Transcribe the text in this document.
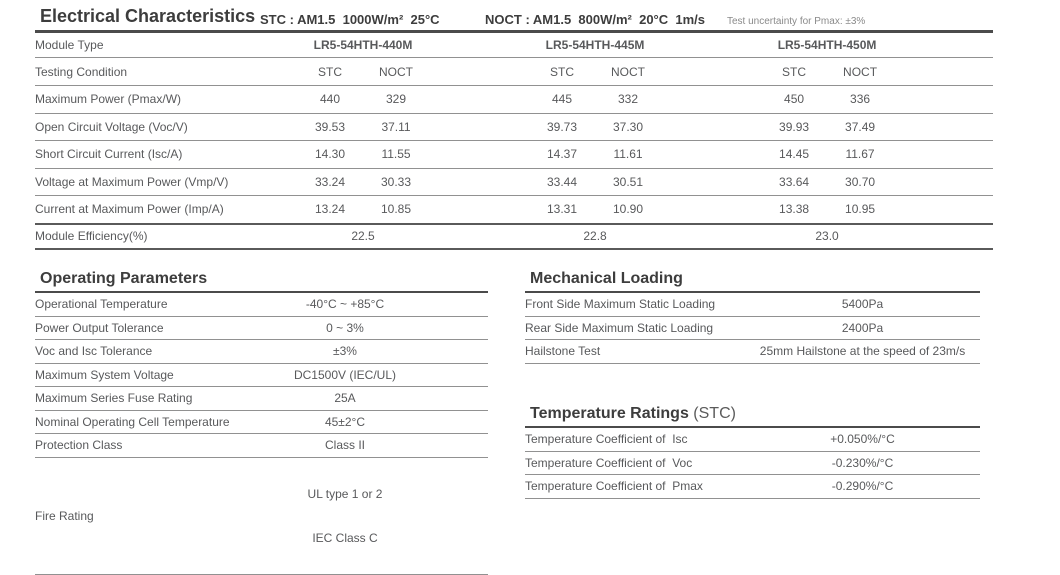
Electrical Characteristics STC : AM1.5  1000W/m²  25°C	NOCT : AM1.5  800W/m²  20°C  1m/s Test uncertainty for Pmax: ±3%
Module Type	LR5-54HTH-440M			LR5-54HTH-445M			LR5-54HTH-450M		
Testing Condition	STC	NOCT		STC	NOCT		STC	NOCT	
Maximum Power (Pmax/W)	440	329		445	332		450	336	
Open Circuit Voltage (Voc/V)	39.53	37.11		39.73	37.30		39.93	37.49	
Short Circuit Current (Isc/A)	14.30	11.55		14.37	11.61		14.45	11.67	
Voltage at Maximum Power (Vmp/V)	33.24	30.33		33.44	30.51		33.64	30.70	
Current at Maximum Power (Imp/A)	13.24	10.85		13.31	10.90		13.38	10.95	
Module Efficiency(%)	22.5			22.8			23.0		
Operating Parameters
Operational Temperature	-40°C ~ +85°C	
Power Output Tolerance	0 ~ 3%	
Voc and Isc Tolerance	±3%	
Maximum System Voltage	DC1500V (IEC/UL)	
Maximum Series Fuse Rating	25A	
Nominal Operating Cell Temperature	45±2°C	
Protection Class	Class II	
Fire Rating	UL type 1 or 2

IEC Class C	

Mechanical Loading
Front Side Maximum Static Loading	5400Pa
Rear Side Maximum Static Loading	2400Pa
Hailstone Test	25mm Hailstone at the speed of 23m/s
Temperature Ratings (STC)
Temperature Coefficient of  Isc	+0.050%/°C
Temperature Coefficient of  Voc	-0.230%/°C
Temperature Coefficient of  Pmax	-0.290%/°C
